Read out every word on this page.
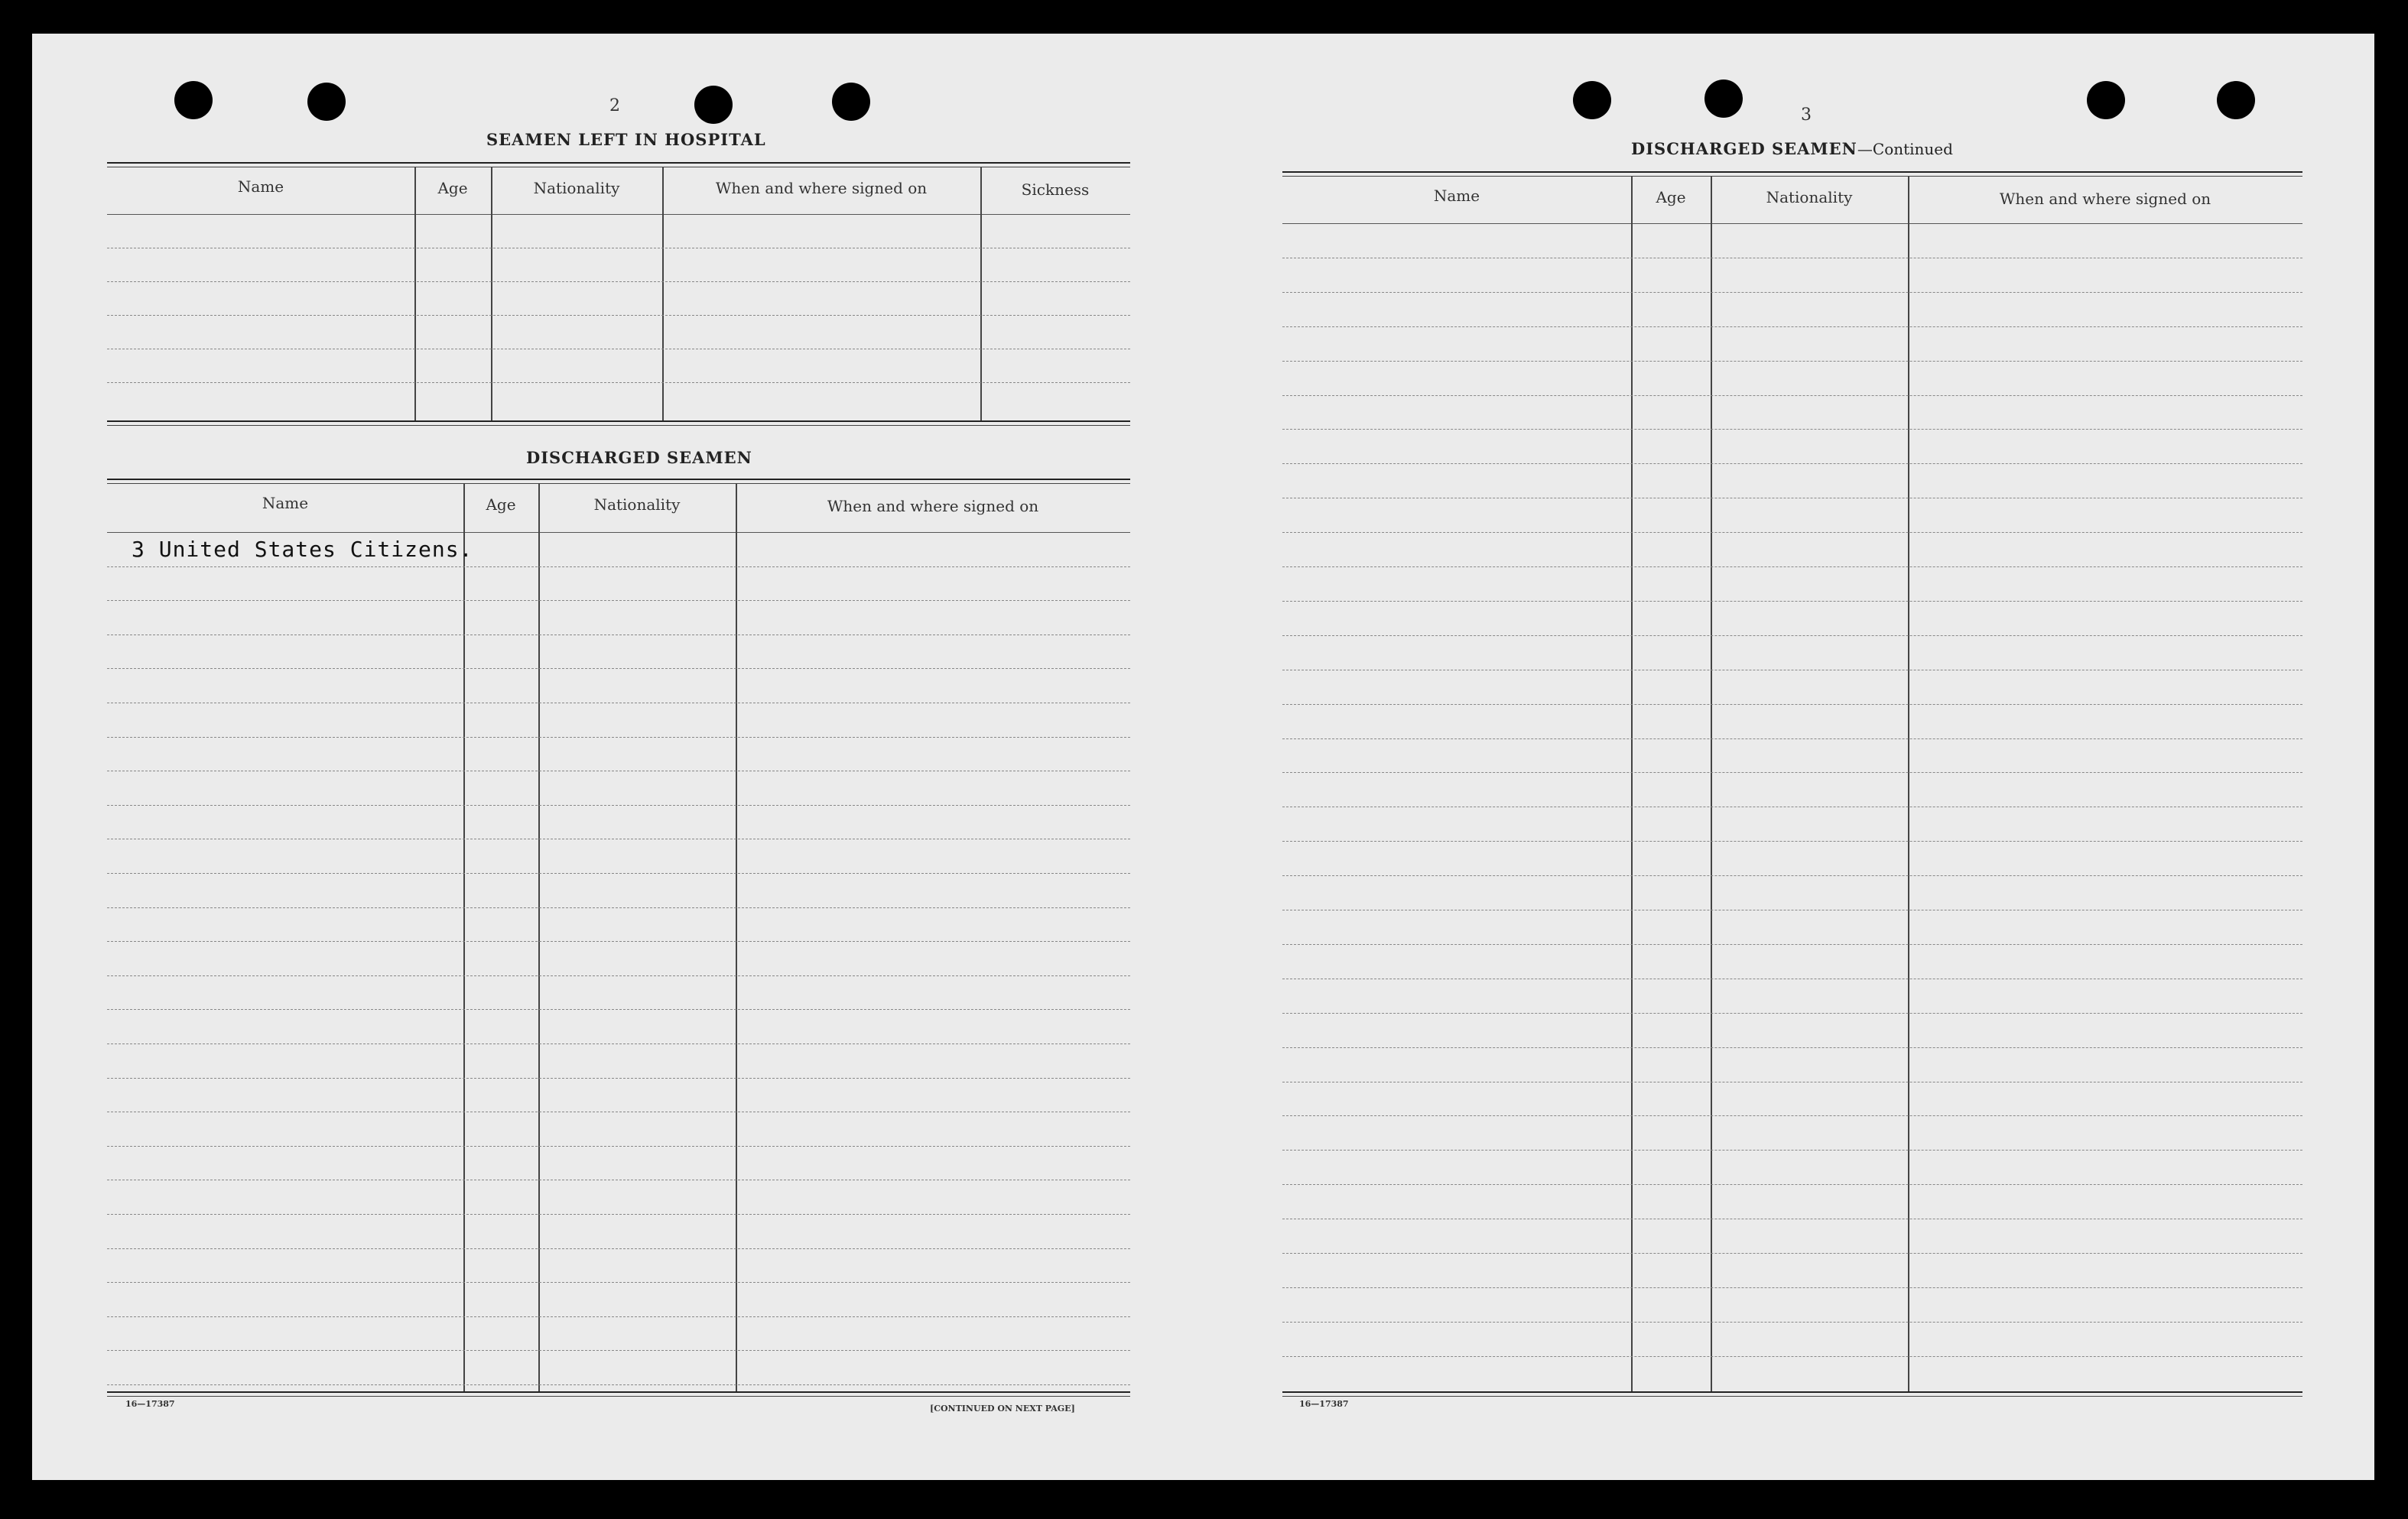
2
SEAMEN LEFT IN HOSPITAL
Name	Age	Nationality	When and where signed on	Sickness
DISCHARGED SEAMEN
Name	Age	Nationality	When and where signed on
3 United States Citizens.
16—17387	[CONTINUED ON NEXT PAGE]
3
DISCHARGED SEAMEN—Continued
Name	Age	Nationality	When and where signed on
16—17387
